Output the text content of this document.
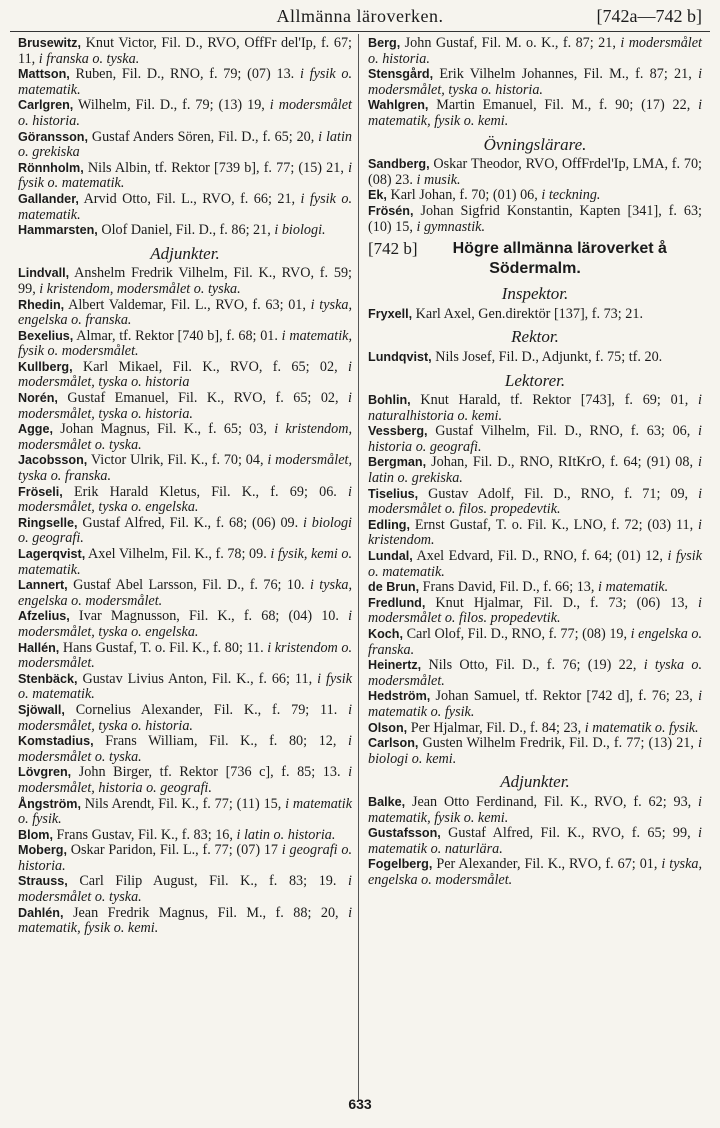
Allmänna läroverken.	[742a—742 b]

Brusewitz, Knut Victor, Fil. D., RVO, OffFr del'Ip, f. 67; 11, i franska o. tyska.

Mattson, Ruben, Fil. D., RNO, f. 79; (07) 13. i fysik o. matematik.

Carlgren, Wilhelm, Fil. D., f. 79; (13) 19, i modersmålet o. historia.

Göransson, Gustaf Anders Sören, Fil. D., f. 65; 20, i latin o. grekiska

Rönnholm, Nils Albin, tf. Rektor [739 b], f. 77; (15) 21, i fysik o. matematik.

Gallander, Arvid Otto, Fil. L., RVO, f. 66; 21, i fysik o. matematik.

Hammarsten, Olof Daniel, Fil. D., f. 86; 21, i biologi.

Adjunkter.

Lindvall, Anshelm Fredrik Vilhelm, Fil. K., RVO, f. 59; 99, i kristendom, modersmålet o. tyska.

Rhedin, Albert Valdemar, Fil. L., RVO, f. 63; 01, i tyska, engelska o. franska.

Bexelius, Almar, tf. Rektor [740 b], f. 68; 01. i matematik, fysik o. modersmålet.

Kullberg, Karl Mikael, Fil. K., RVO, f. 65; 02, i modersmålet, tyska o. historia

Norén, Gustaf Emanuel, Fil. K., RVO, f. 65; 02, i modersmålet, tyska o. historia.

Agge, Johan Magnus, Fil. K., f. 65; 03, i kristendom, modersmålet o. tyska.

Jacobsson, Victor Ulrik, Fil. K., f. 70; 04, i modersmålet, tyska o. franska.

Fröseli, Erik Harald Kletus, Fil. K., f. 69; 06. i modersmålet, tyska o. engelska.

Ringselle, Gustaf Alfred, Fil. K., f. 68; (06) 09. i biologi o. geografi.

Lagerqvist, Axel Vilhelm, Fil. K., f. 78; 09. i fysik, kemi o. matematik.

Lannert, Gustaf Abel Larsson, Fil. D., f. 76; 10. i tyska, engelska o. modersmålet.

Afzelius, Ivar Magnusson, Fil. K., f. 68; (04) 10. i modersmålet, tyska o. engelska.

Hallén, Hans Gustaf, T. o. Fil. K., f. 80; 11. i kristendom o. modersmålet.

Stenbäck, Gustav Livius Anton, Fil. K., f. 66; 11, i fysik o. matematik.

Sjöwall, Cornelius Alexander, Fil. K., f. 79; 11. i modersmålet, tyska o. historia.

Komstadius, Frans William, Fil. K., f. 80; 12, i modersmålet o. tyska.

Lövgren, John Birger, tf. Rektor [736 c], f. 85; 13. i modersmålet, historia o. geografi.

Ångström, Nils Arendt, Fil. K., f. 77; (11) 15, i matematik o. fysik.

Blom, Frans Gustav, Fil. K., f. 83; 16, i latin o. historia.

Moberg, Oskar Paridon, Fil. L., f. 77; (07) 17 i geografi o. historia.

Strauss, Carl Filip August, Fil. K., f. 83; 19. i modersmålet o. tyska.

Dahlén, Jean Fredrik Magnus, Fil. M., f. 88; 20, i matematik, fysik o. kemi.

Berg, John Gustaf, Fil. M. o. K., f. 87; 21, i modersmålet o. historia.

Stensgård, Erik Vilhelm Johannes, Fil. M., f. 87; 21, i modersmålet, tyska o. historia.

Wahlgren, Martin Emanuel, Fil. M., f. 90; (17) 22, i matematik, fysik o. kemi.

Övningslärare.

Sandberg, Oskar Theodor, RVO, OffFrdel'Ip, LMA, f. 70; (08) 23. i musik.

Ek, Karl Johan, f. 70; (01) 06, i teckning.

Frösén, Johan Sigfrid Konstantin, Kapten [341], f. 63; (10) 15, i gymnastik.

[742 b] Högre allmänna läroverket å Södermalm.
Inspektor.

Fryxell, Karl Axel, Gen.direktör [137], f. 73; 21.

Rektor.

Lundqvist, Nils Josef, Fil. D., Adjunkt, f. 75; tf. 20.

Lektorer.

Bohlin, Knut Harald, tf. Rektor [743], f. 69; 01, i naturalhistoria o. kemi.

Vessberg, Gustaf Vilhelm, Fil. D., RNO, f. 63; 06, i historia o. geografi.

Bergman, Johan, Fil. D., RNO, RItKrO, f. 64; (91) 08, i latin o. grekiska.

Tiselius, Gustav Adolf, Fil. D., RNO, f. 71; 09, i modersmålet o. filos. propedevtik.

Edling, Ernst Gustaf, T. o. Fil. K., LNO, f. 72; (03) 11, i kristendom.

Lundal, Axel Edvard, Fil. D., RNO, f. 64; (01) 12, i fysik o. matematik.

de Brun, Frans David, Fil. D., f. 66; 13, i matematik.

Fredlund, Knut Hjalmar, Fil. D., f. 73; (06) 13, i modersmålet o. filos. propedevtik.

Koch, Carl Olof, Fil. D., RNO, f. 77; (08) 19, i engelska o. franska.

Heinertz, Nils Otto, Fil. D., f. 76; (19) 22, i tyska o. modersmålet.

Hedström, Johan Samuel, tf. Rektor [742 d], f. 76; 23, i matematik o. fysik.

Olson, Per Hjalmar, Fil. D., f. 84; 23, i matematik o. fysik.

Carlson, Gusten Wilhelm Fredrik, Fil. D., f. 77; (13) 21, i biologi o. kemi.

Adjunkter.

Balke, Jean Otto Ferdinand, Fil. K., RVO, f. 62; 93, i matematik, fysik o. kemi.

Gustafsson, Gustaf Alfred, Fil. K., RVO, f. 65; 99, i matematik o. naturlära.

Fogelberg, Per Alexander, Fil. K., RVO, f. 67; 01, i tyska, engelska o. modersmålet.

633
